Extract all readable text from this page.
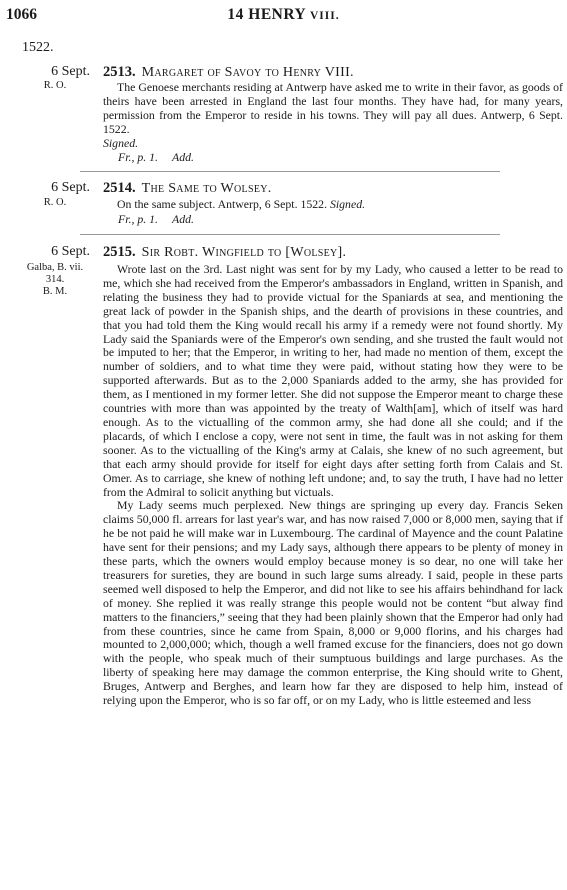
1066	14 HENRY VIII.
1522.
6 Sept.
R. O.
2513. Margaret of Savoy to Henry VIII.

The Genoese merchants residing at Antwerp have asked me to write in their favor, as goods of theirs have been arrested in England the last four months. They have had, for many years, permission from the Emperor to reside in his towns. They will pay all dues. Antwerp, 6 Sept. 1522.

Signed.
Fr., p. 1. Add.
6 Sept.
R. O.
2514. The Same to Wolsey.

On the same subject. Antwerp, 6 Sept. 1522. Signed.

Fr., p. 1. Add.
6 Sept.
Galba, B. vii.
314.
B. M.
2515. Sir Robt. Wingfield to [Wolsey].

Wrote last on the 3rd. Last night was sent for by my Lady, who caused a letter to be read to me, which she had received from the Emperor's ambassadors in England, written in Spanish, and relating the business they had to provide victual for the Spaniards at sea, and mentioning the great lack of powder in the Spanish ships, and the dearth of provisions in these countries, and that you had told them the King would recall his army if a remedy were not found shortly. My Lady said the Spaniards were of the Emperor's own sending, and she trusted the fault would not be imputed to her; that the Emperor, in writing to her, had made no mention of them, except the number of soldiers, and to what time they were paid, without stating how they were to be supported afterwards. But as to the 2,000 Spaniards added to the army, she has provided for them, as I mentioned in my former letter. She did not suppose the Emperor meant to charge these countries with more than was appointed by the treaty of Walth[am], which of itself was hard enough. As to the victualling of the common army, she had done all she could; and if the placards, of which I enclose a copy, were not sent in time, the fault was in not asking for them sooner. As to the victualling of the King's army at Calais, she knew of no such agreement, but that each army should provide for itself for eight days after setting forth from Calais and St. Omer. As to carriage, she knew of nothing left undone; and, to say the truth, I have had no letter from the Admiral to solicit anything but victuals.

My Lady seems much perplexed. New things are springing up every day. Francis Seken claims 50,000 fl. arrears for last year's war, and has now raised 7,000 or 8,000 men, saying that if he be not paid he will make war in Luxembourg. The cardinal of Mayence and the count Palatine have sent for their pensions; and my Lady says, although there appears to be plenty of money in these parts, which the owners would employ because money is so dear, no one will take her treasurers for sureties, they are bound in such large sums already. I said, people in these parts seemed well disposed to help the Emperor, and did not like to see his affairs behindhand for lack of money. She replied it was really strange this people would not be content “but alway find matters to the financiers,” seeing that they had been plainly shown that the Emperor had only had from these countries, since he came from Spain, 8,000 or 9,000 florins, and his charges had mounted to 2,000,000; which, though a well framed excuse for the financiers, does not go down with the people, who speak much of their sumptuous buildings and large purchases. As the liberty of speaking here may damage the common enterprise, the King should write to Ghent, Bruges, Antwerp and Berghes, and learn how far they are disposed to help him, instead of relying upon the Emperor, who is so far off, or on my Lady, who is little esteemed and less
